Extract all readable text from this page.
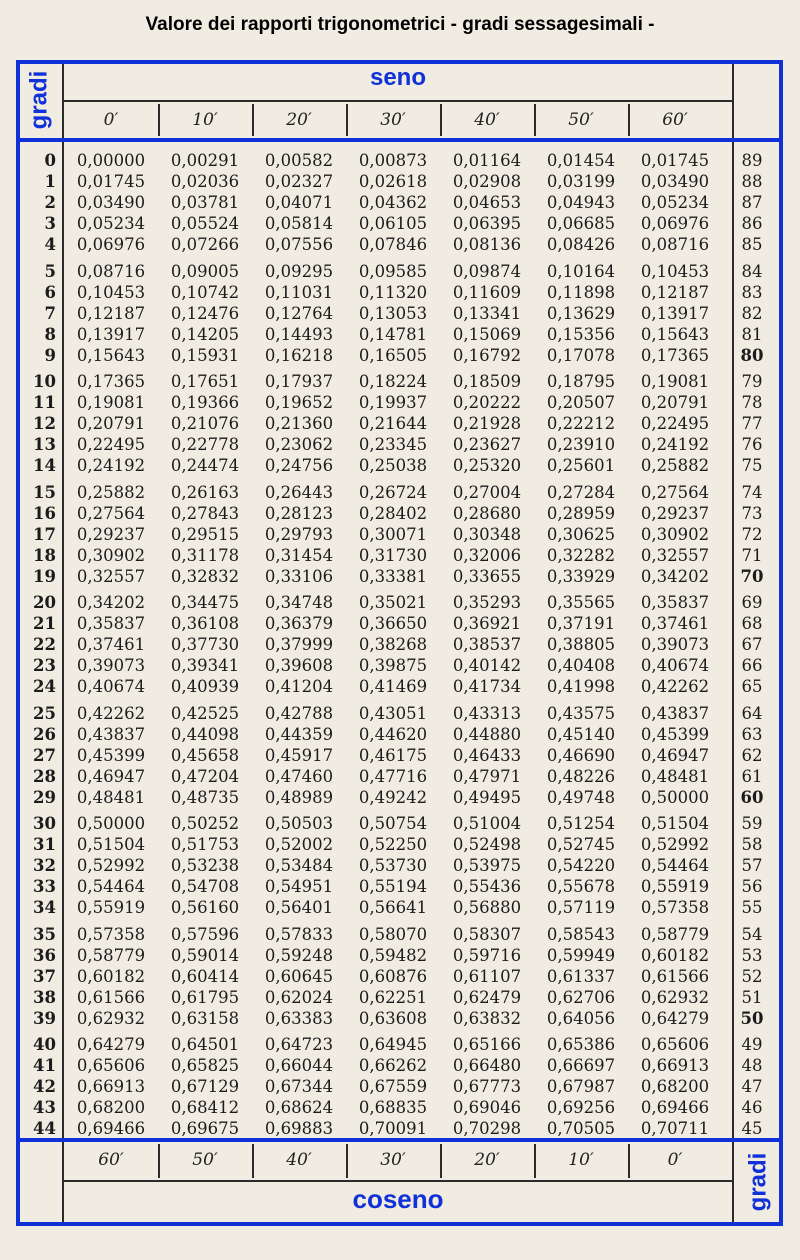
Valore dei rapporti trigonometrici - gradi sessagesimali -
gradi	seno
gradi
coseno
0′	10′	20′	30′	40′	50′	60′
60′	50′	40′	30′	20′	10′	0′
0	0,00000	0,00291	0,00582	0,00873	0,01164	0,01454	0,01745	89
1	0,01745	0,02036	0,02327	0,02618	0,02908	0,03199	0,03490	88
2	0,03490	0,03781	0,04071	0,04362	0,04653	0,04943	0,05234	87
3	0,05234	0,05524	0,05814	0,06105	0,06395	0,06685	0,06976	86
4	0,06976	0,07266	0,07556	0,07846	0,08136	0,08426	0,08716	85
5	0,08716	0,09005	0,09295	0,09585	0,09874	0,10164	0,10453	84
6	0,10453	0,10742	0,11031	0,11320	0,11609	0,11898	0,12187	83
7	0,12187	0,12476	0,12764	0,13053	0,13341	0,13629	0,13917	82
8	0,13917	0,14205	0,14493	0,14781	0,15069	0,15356	0,15643	81
9	0,15643	0,15931	0,16218	0,16505	0,16792	0,17078	0,17365	80
10	0,17365	0,17651	0,17937	0,18224	0,18509	0,18795	0,19081	79
11	0,19081	0,19366	0,19652	0,19937	0,20222	0,20507	0,20791	78
12	0,20791	0,21076	0,21360	0,21644	0,21928	0,22212	0,22495	77
13	0,22495	0,22778	0,23062	0,23345	0,23627	0,23910	0,24192	76
14	0,24192	0,24474	0,24756	0,25038	0,25320	0,25601	0,25882	75
15	0,25882	0,26163	0,26443	0,26724	0,27004	0,27284	0,27564	74
16	0,27564	0,27843	0,28123	0,28402	0,28680	0,28959	0,29237	73
17	0,29237	0,29515	0,29793	0,30071	0,30348	0,30625	0,30902	72
18	0,30902	0,31178	0,31454	0,31730	0,32006	0,32282	0,32557	71
19	0,32557	0,32832	0,33106	0,33381	0,33655	0,33929	0,34202	70
20	0,34202	0,34475	0,34748	0,35021	0,35293	0,35565	0,35837	69
21	0,35837	0,36108	0,36379	0,36650	0,36921	0,37191	0,37461	68
22	0,37461	0,37730	0,37999	0,38268	0,38537	0,38805	0,39073	67
23	0,39073	0,39341	0,39608	0,39875	0,40142	0,40408	0,40674	66
24	0,40674	0,40939	0,41204	0,41469	0,41734	0,41998	0,42262	65
25	0,42262	0,42525	0,42788	0,43051	0,43313	0,43575	0,43837	64
26	0,43837	0,44098	0,44359	0,44620	0,44880	0,45140	0,45399	63
27	0,45399	0,45658	0,45917	0,46175	0,46433	0,46690	0,46947	62
28	0,46947	0,47204	0,47460	0,47716	0,47971	0,48226	0,48481	61
29	0,48481	0,48735	0,48989	0,49242	0,49495	0,49748	0,50000	60
30	0,50000	0,50252	0,50503	0,50754	0,51004	0,51254	0,51504	59
31	0,51504	0,51753	0,52002	0,52250	0,52498	0,52745	0,52992	58
32	0,52992	0,53238	0,53484	0,53730	0,53975	0,54220	0,54464	57
33	0,54464	0,54708	0,54951	0,55194	0,55436	0,55678	0,55919	56
34	0,55919	0,56160	0,56401	0,56641	0,56880	0,57119	0,57358	55
35	0,57358	0,57596	0,57833	0,58070	0,58307	0,58543	0,58779	54
36	0,58779	0,59014	0,59248	0,59482	0,59716	0,59949	0,60182	53
37	0,60182	0,60414	0,60645	0,60876	0,61107	0,61337	0,61566	52
38	0,61566	0,61795	0,62024	0,62251	0,62479	0,62706	0,62932	51
39	0,62932	0,63158	0,63383	0,63608	0,63832	0,64056	0,64279	50
40	0,64279	0,64501	0,64723	0,64945	0,65166	0,65386	0,65606	49
41	0,65606	0,65825	0,66044	0,66262	0,66480	0,66697	0,66913	48
42	0,66913	0,67129	0,67344	0,67559	0,67773	0,67987	0,68200	47
43	0,68200	0,68412	0,68624	0,68835	0,69046	0,69256	0,69466	46
44	0,69466	0,69675	0,69883	0,70091	0,70298	0,70505	0,70711	45
